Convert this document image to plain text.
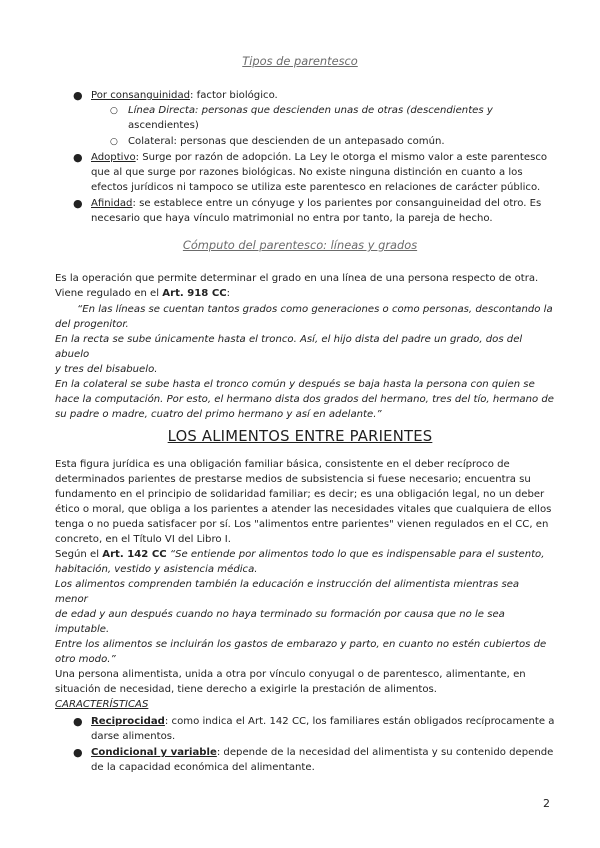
Tipos de parentesco
● Por consanguinidad: factor biológico.
○ Línea Directa: personas que descienden unas de otras (descendientes y
ascendientes)
○ Colateral: personas que descienden de un antepasado común.
● Adoptivo: Surge por razón de adopción. La Ley le otorga el mismo valor a este parentesco
que al que surge por razones biológicas. No existe ninguna distinción en cuanto a los
efectos jurídicos ni tampoco se utiliza este parentesco en relaciones de carácter público.
● Afinidad: se establece entre un cónyuge y los parientes por consanguineidad del otro. Es
necesario que haya vínculo matrimonial no entra por tanto, la pareja de hecho.
Cómputo del parentesco: líneas y grados
Es la operación que permite determinar el grado en una línea de una persona respecto de otra.
Viene regulado en el Art. 918 CC:
“En las líneas se cuentan tantos grados como generaciones o como personas, descontando la
del progenitor.
En la recta se sube únicamente hasta el tronco. Así, el hijo dista del padre un grado, dos del abuelo
y tres del bisabuelo.
En la colateral se sube hasta el tronco común y después se baja hasta la persona con quien se
hace la computación. Por esto, el hermano dista dos grados del hermano, tres del tío, hermano de
su padre o madre, cuatro del primo hermano y así en adelante.”
LOS ALIMENTOS ENTRE PARIENTES
Esta figura jurídica es una obligación familiar básica, consistente en el deber recíproco de
determinados parientes de prestarse medios de subsistencia si fuese necesario; encuentra su
fundamento en el principio de solidaridad familiar; es decir; es una obligación legal, no un deber
ético o moral, que obliga a los parientes a atender las necesidades vitales que cualquiera de ellos
tenga o no pueda satisfacer por sí. Los "alimentos entre parientes" vienen regulados en el CC, en
concreto, en el Título VI del Libro I.
Según el Art. 142 CC “Se entiende por alimentos todo lo que es indispensable para el sustento,
habitación, vestido y asistencia médica.
Los alimentos comprenden también la educación e instrucción del alimentista mientras sea menor
de edad y aun después cuando no haya terminado su formación por causa que no le sea
imputable.
Entre los alimentos se incluirán los gastos de embarazo y parto, en cuanto no estén cubiertos de
otro modo.”
Una persona alimentista, unida a otra por vínculo conyugal o de parentesco, alimentante, en
situación de necesidad, tiene derecho a exigirle la prestación de alimentos.
CARACTERÍSTICAS
● Reciprocidad: como indica el Art. 142 CC, los familiares están obligados recíprocamente a
darse alimentos.
● Condicional y variable: depende de la necesidad del alimentista y su contenido depende
de la capacidad económica del alimentante.
2
